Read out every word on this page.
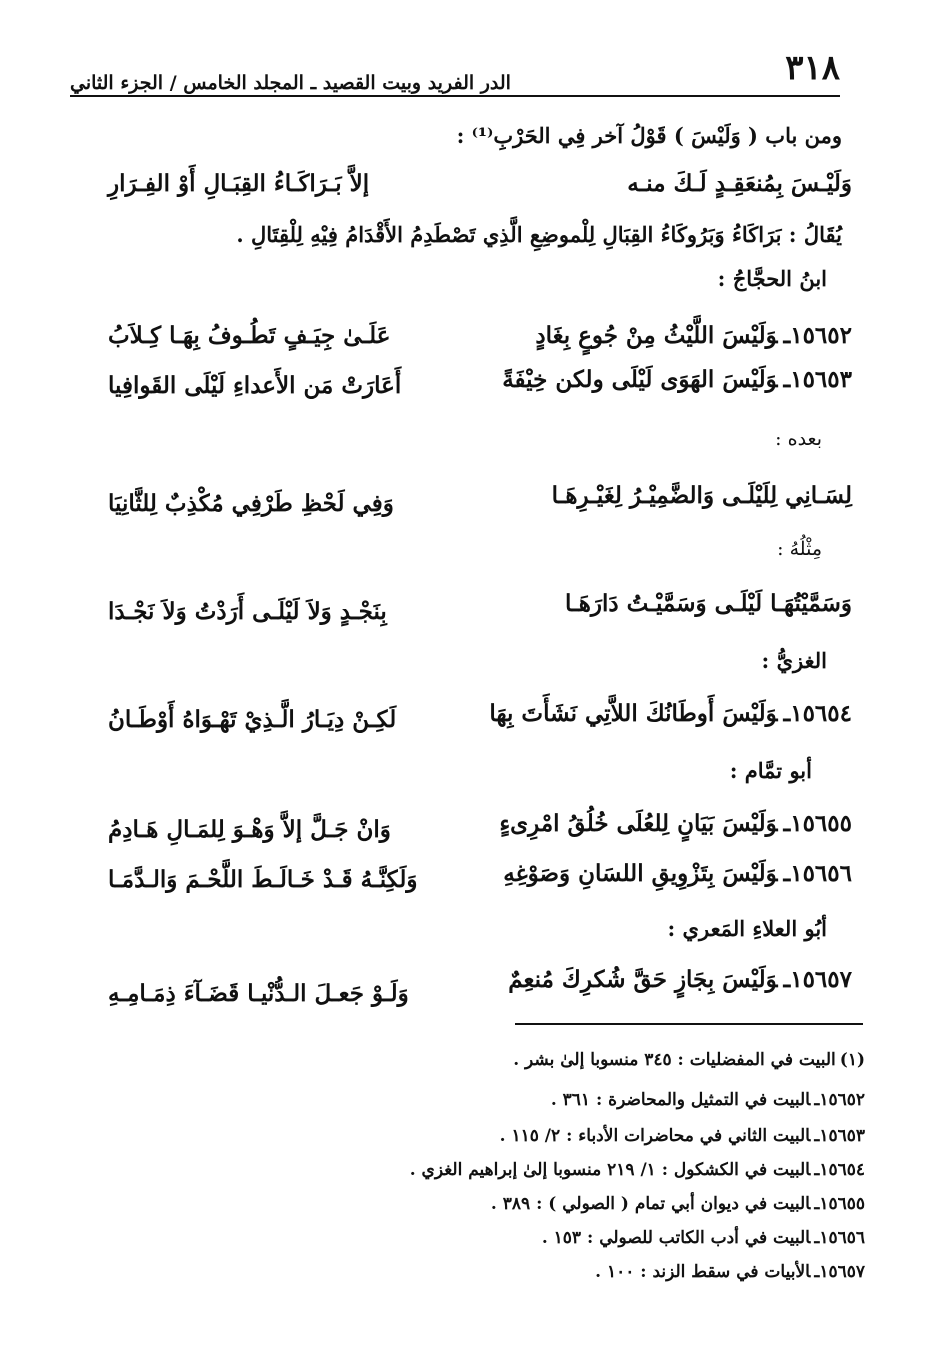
٣١٨
الدر الفريد وبيت القصيد ـ المجلد الخامس / الجزء الثاني
ومن باب ( وَلَيْسَ ) قَوْلُ آخر فِي الحَرْبِ⁽¹⁾ :
وَلَيْـسَ بِمُنعَقِـدٍ لَـكَ منـه
إلاَّ بَـرَاكَـاءُ القِبَـالِ أَوْ الفِـرَارِ
يُقَالُ : بَرَاكَاءُ وَبَرُوكَاءُ القِبَالِ لِلْموضِعِ الَّذِي تَصْطَدِمُ الأَقْدَامُ فِيْهِ لِلْقِتَالِ .
ابنُ الحجَّاجُ :
١٥٦٥٢ـوَلَيْسَ اللَّيْثُ مِنْ جُوعٍ بِغَادٍ
عَلَـىٰ جِيَـفٍ تَطُـوفُ بِهَـا كِـلاَبُ
١٥٦٥٣ـوَلَيْسَ الهَوَى لَيْلَى ولكن خِيْفَةً
أَعَارَتْ مَن الأَعداءِ لَيْلَى القَوافِيا
بعده :
لِسَـانِي لِلَيْلَـى وَالضَّمِيْـرُ لِغَيْـرِهَـا
وَفِي لَحْظِ طَرْفِي مُكْذِبٌ لِلثَّانِيَا
مِثْلُهُ :
وَسَمَّيْتُهَـا لَيْلَـى وَسَمَّيْـتُ دَارَهَـا
بِنَجْـدٍ وَلاَ لَيْلَـى أَرَدْتُ وَلاَ نَجْـدَا
الغزيُّ :
١٥٦٥٤ـوَلَيْسَ أَوطَانُكَ اللاَّتِي نَشَأَتَ بِهَا
لَكِـنْ دِيَـارُ الَّـذِيْ تَهْـوَاهُ أَوْطَـانُ
أبو تمَّام :
١٥٦٥٥ـوَلَيْسَ بَيَانٍ لِلعُلَى خُلُقُ امْرِىءٍ
وَانْ جَـلَّ إلاَّ وَهْـوَ لِلمَـالِ هَـادِمُ
١٥٦٥٦ـوَلَيْسَ بِتَزْوِيقِ اللسَانِ وَصَوْغِهِ
وَلَكِنَّـهُ قَـدْ خَـالَـطَ اللَّحْـمَ وَالـدَّمَـا
أبُو العلاءِ المَعري :
١٥٦٥٧ـوَلَيْسَ بِجَازٍ حَقَّ شُكرِكَ مُنعِمٌ
وَلَـوْ جَعـلَ الـدُّنْيـا قَضَـآءَ ذِمَـامِـهِ
(١)البيت في المفضليات : ٣٤٥ منسوبا إلىٰ بشر .
١٥٦٥٢ـالبيت في التمثيل والمحاضرة : ٣٦١ .
١٥٦٥٣ـالبيت الثاني في محاضرات الأدباء : ٢/ ١١٥ .
١٥٦٥٤ـالبيت في الكشكول : ١/ ٢١٩ منسوبا إلىٰ إبراهيم الغزي .
١٥٦٥٥ـالبيت في ديوان أبي تمام ( الصولي ) : ٣٨٩ .
١٥٦٥٦ـالبيت في أدب الكاتب للصولي : ١٥٣ .
١٥٦٥٧ـالأبيات في سقط الزند : ١٠٠ .
